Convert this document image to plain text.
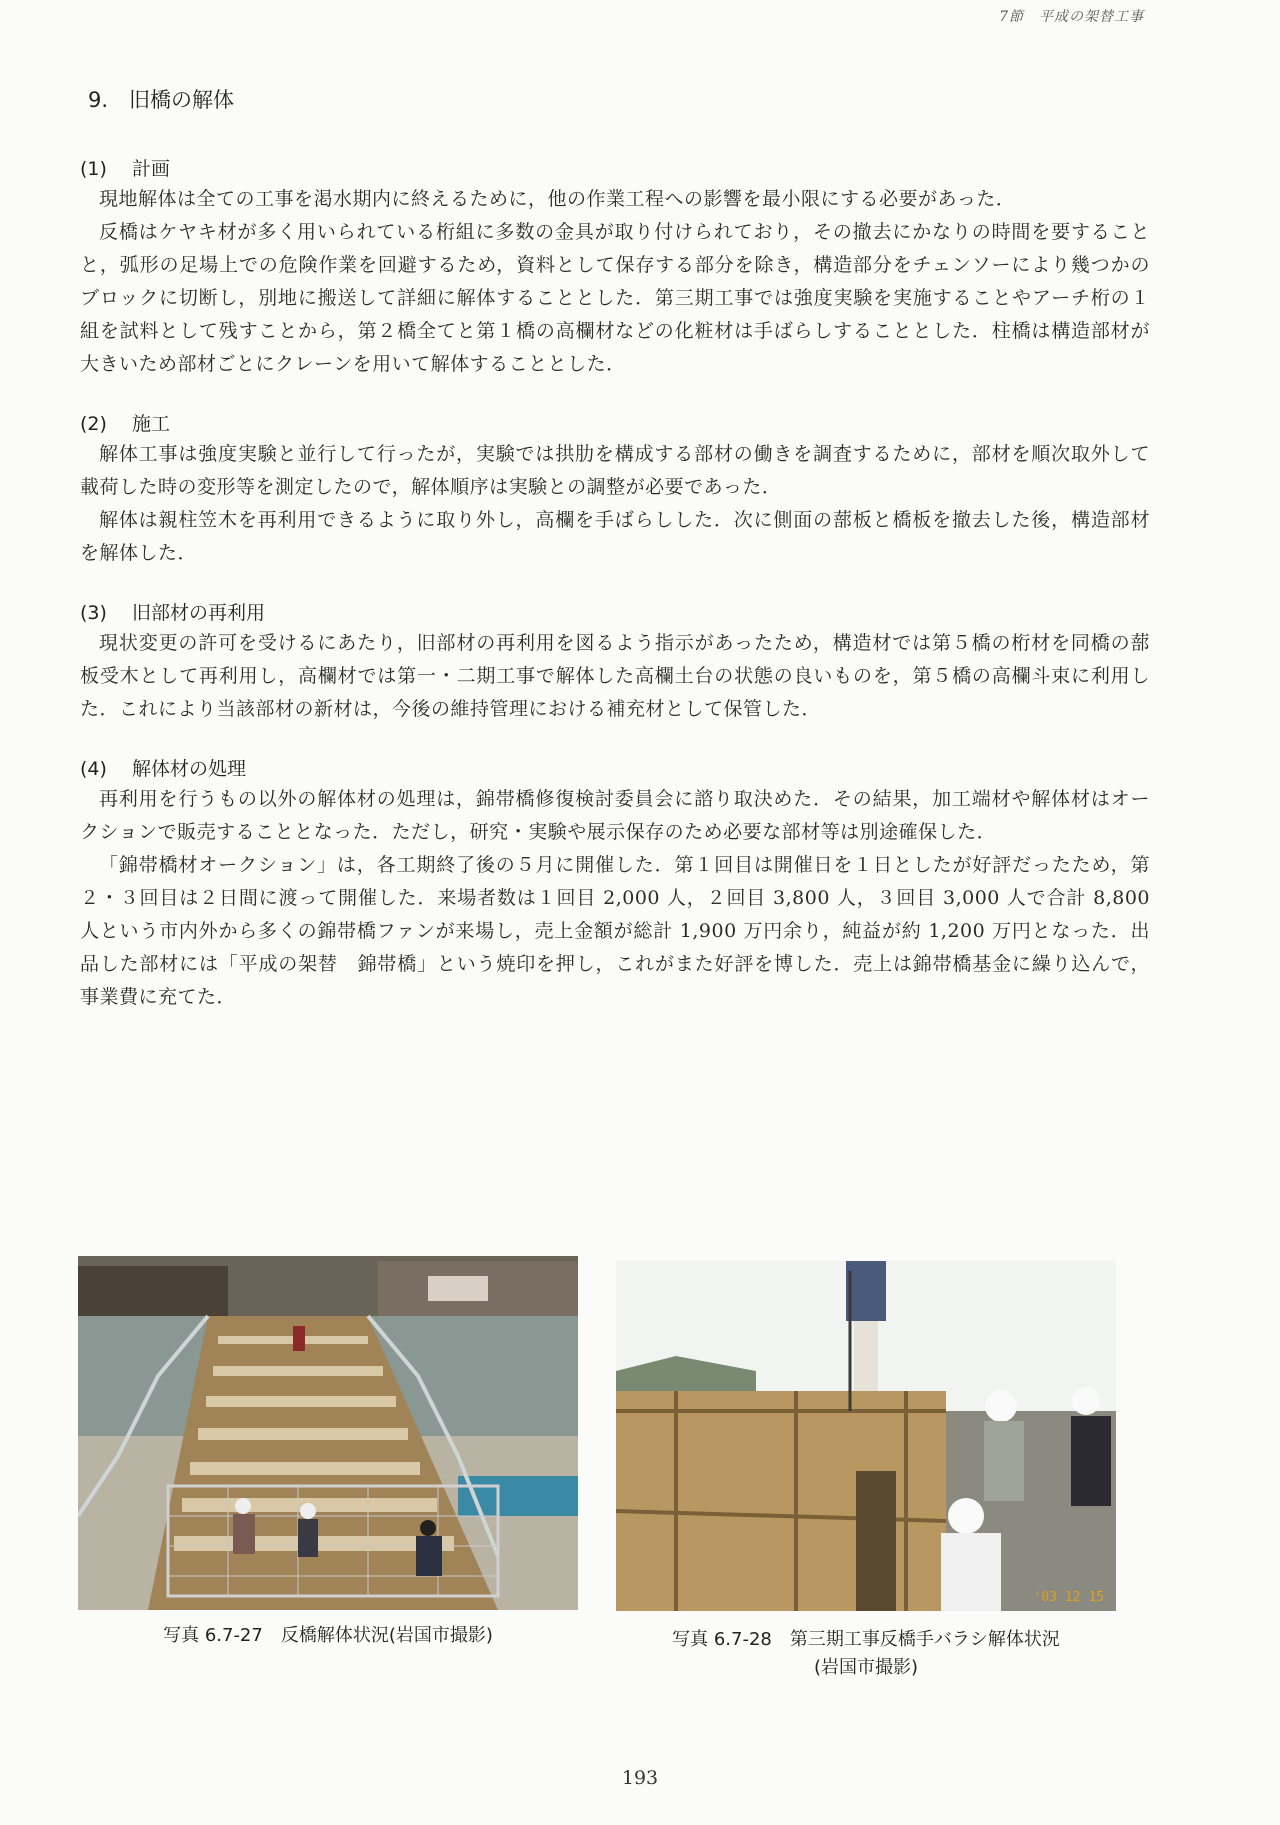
7節　平成の架替工事
9.　旧橋の解体
(1) 計画

現地解体は全ての工事を渇水期内に終えるために，他の作業工程への影響を最小限にする必要があった．

反橋はケヤキ材が多く用いられている桁組に多数の金具が取り付けられており，その撤去にかなりの時間を要することと，弧形の足場上での危険作業を回避するため，資料として保存する部分を除き，構造部分をチェンソーにより幾つかのブロックに切断し，別地に搬送して詳細に解体することとした．第三期工事では強度実験を実施することやアーチ桁の１組を試料として残すことから，第２橋全てと第１橋の高欄材などの化粧材は手ばらしすることとした．柱橋は構造部材が大きいため部材ごとにクレーンを用いて解体することとした．

(2) 施工

解体工事は強度実験と並行して行ったが，実験では拱肋を構成する部材の働きを調査するために，部材を順次取外して載荷した時の変形等を測定したので，解体順序は実験との調整が必要であった．

解体は親柱笠木を再利用できるように取り外し，高欄を手ばらしした．次に側面の蔀板と橋板を撤去した後，構造部材を解体した．

(3) 旧部材の再利用

現状変更の許可を受けるにあたり，旧部材の再利用を図るよう指示があったため，構造材では第５橋の桁材を同橋の蔀板受木として再利用し，高欄材では第一・二期工事で解体した高欄土台の状態の良いものを，第５橋の高欄斗束に利用した．これにより当該部材の新材は，今後の維持管理における補充材として保管した．

(4) 解体材の処理

再利用を行うもの以外の解体材の処理は，錦帯橋修復検討委員会に諮り取決めた．その結果，加工端材や解体材はオークションで販売することとなった．ただし，研究・実験や展示保存のため必要な部材等は別途確保した．

「錦帯橋材オークション」は，各工期終了後の５月に開催した．第１回目は開催日を１日としたが好評だったため，第２・３回目は２日間に渡って開催した．来場者数は１回目 2,000 人，２回目 3,800 人，３回目 3,000 人で合計 8,800 人という市内外から多くの錦帯橋ファンが来場し，売上金額が総計 1,900 万円余り，純益が約 1,200 万円となった．出品した部材には「平成の架替　錦帯橋」という焼印を押し，これがまた好評を博した．売上は錦帯橋基金に繰り込んで，事業費に充てた．

写真 6.7-27　反橋解体状況(岩国市撮影)
'03 12 15
写真 6.7-28　第三期工事反橋手バラシ解体状況
(岩国市撮影)
193
